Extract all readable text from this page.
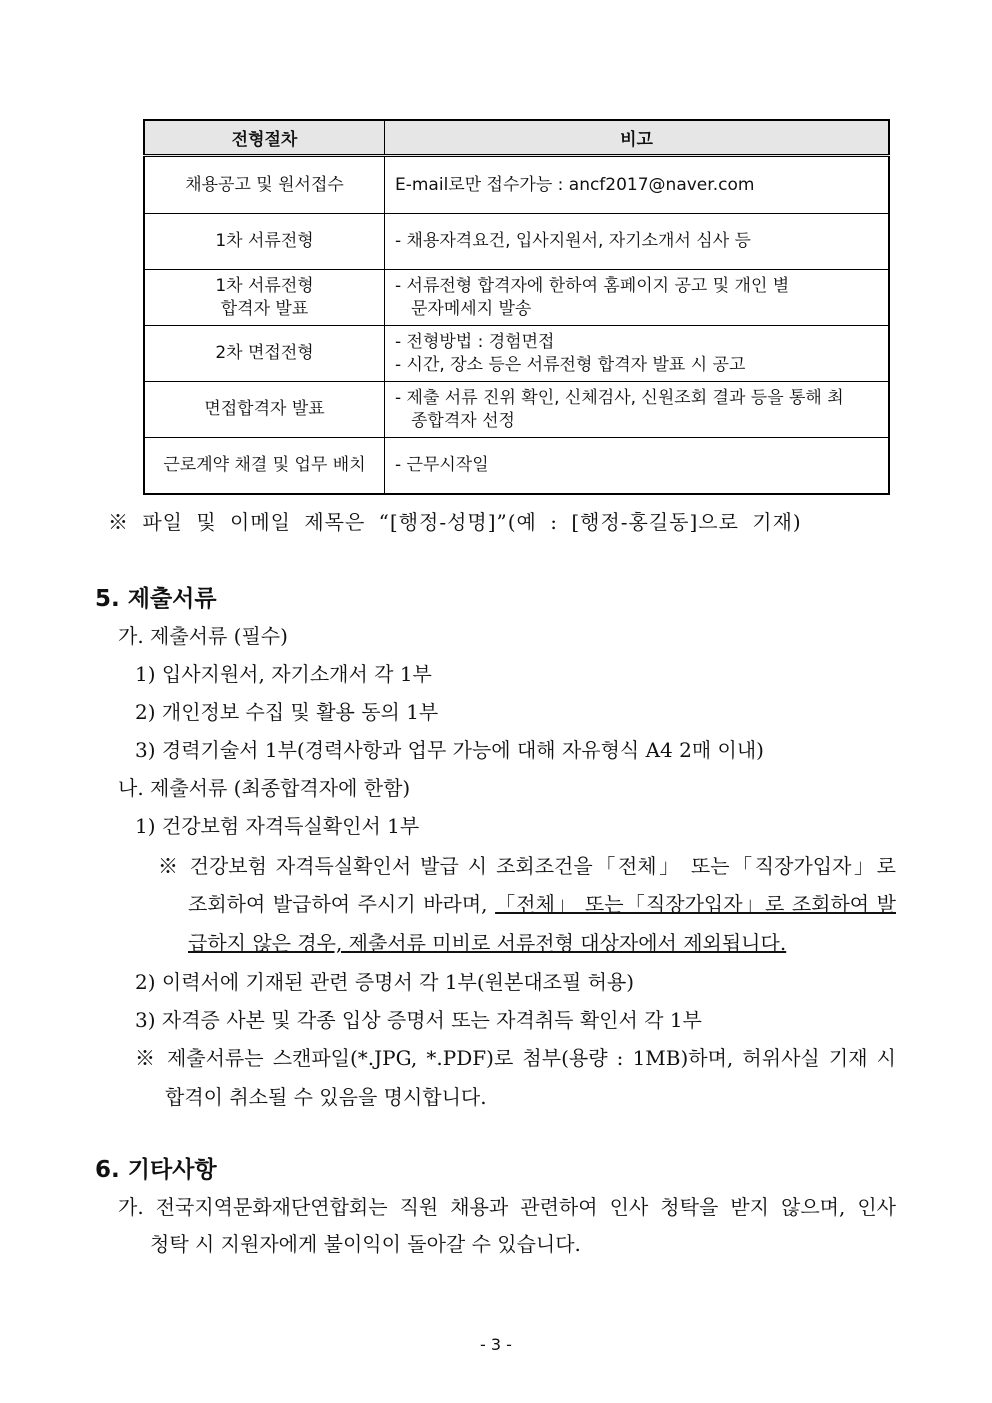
전형절차	비고
채용공고 및 원서접수	E-mail로만 접수가능 : ancf2017@naver.com

1차 서류전형	- 채용자격요건, 입사지원서, 자기소개서 심사 등

1차 서류전형
합격자 발표	- 서류전형 합격자에 한하여 홈페이지 공고 및 개인 별
문자메세지 발송

2차 면접전형	- 전형방법 : 경험면접
- 시간, 장소 등은 서류전형 합격자 발표 시 공고

면접합격자 발표	- 제출 서류 진위 확인, 신체검사, 신원조회 결과 등을 통해 최
종합격자 선정

근로계약 채결 및 업무 배치	- 근무시작일
※ 파일 및 이메일 제목은 “[행정-성명]”(예 : [행정-홍길동]으로 기재)
5. 제출서류
가. 제출서류 (필수)
1) 입사지원서, 자기소개서 각 1부
2) 개인정보 수집 및 활용 동의 1부
3) 경력기술서 1부(경력사항과 업무 가능에 대해 자유형식 A4 2매 이내)
나. 제출서류 (최종합격자에 한함)
1) 건강보험 자격득실확인서 1부
※ 건강보험 자격득실확인서 발급 시 조회조건을「전체」 또는「직장가입자」로
조회하여 발급하여 주시기 바라며, 「전체」 또는「직장가입자」로 조회하여 발
급하지 않은 경우, 제출서류 미비로 서류전형 대상자에서 제외됩니다.
2) 이력서에 기재된 관련 증명서 각 1부(원본대조필 허용)
3) 자격증 사본 및 각종 입상 증명서 또는 자격취득 확인서 각 1부
※ 제출서류는 스캔파일(*.JPG, *.PDF)로 첨부(용량 : 1MB)하며, 허위사실 기재 시
합격이 취소될 수 있음을 명시합니다.
6. 기타사항
가. 전국지역문화재단연합회는 직원 채용과 관련하여 인사 청탁을 받지 않으며, 인사
청탁 시 지원자에게 불이익이 돌아갈 수 있습니다.
- 3 -
